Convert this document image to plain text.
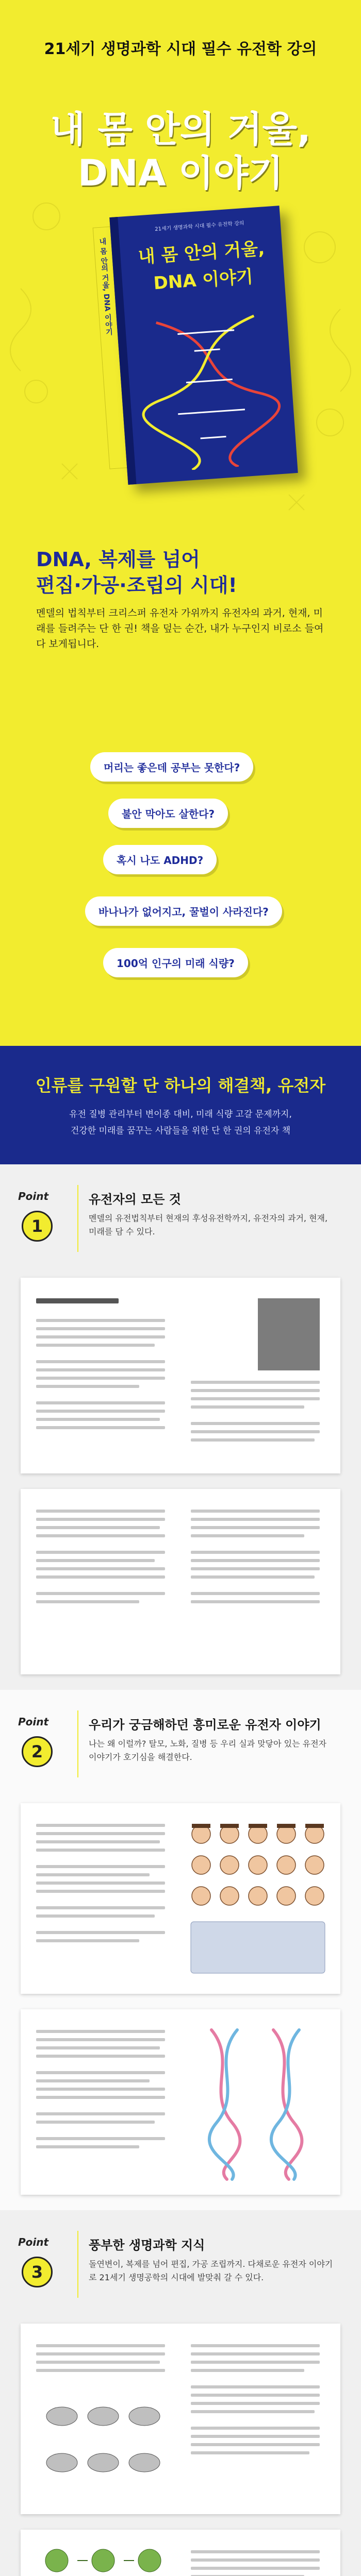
21세기 생명과학 시대 필수 유전학 강의
내 몸 안의 거울,
DNA 이야기
내 몸 안의 거울, DNA 이야기
21세기 생명과학 시대 필수 유전학 강의
내 몸 안의 거울,
DNA 이야기
DNA, 복제를 넘어
편집·가공·조립의 시대!
멘델의 법칙부터 크리스퍼 유전자 가위까지 유전자의 과거, 현재, 미래를 들려주는 단 한 권! 책을 덮는 순간, 내가 누구인지 비로소 들여다 보게됩니다.
머리는 좋은데 공부는 못한다?
불안 막아도 살한다?
혹시 나도 ADHD?
바나나가 없어지고, 꿀벌이 사라진다?
100억 인구의 미래 식량?
인류를 구원할 단 하나의 해결책, 유전자
유전 질병 관리부터 변이종 대비, 미래 식량 고갈 문제까지,
건강한 미래를 꿈꾸는 사람들을 위한 단 한 권의 유전자 책
Point
1
유전자의 모든 것
멘델의 유전법칙부터 현재의 후성유전학까지, 유전자의 과거, 현재, 미래를 담 수 있다.
Point
2
우리가 궁금해하던 흥미로운 유전자 이야기
나는 왜 이럴까? 탈모, 노화, 질병 등 우리 실과 맞닿아 있는 유전자 이야기가 호기심을 해결한다.
Point
3
풍부한 생명과학 지식
돌연변이, 복제를 넘어 편집, 가공 조립까지. 다채로운 유전자 이야기로 21세기 생명공학의 시대에 발맞춰 갈 수 있다.
